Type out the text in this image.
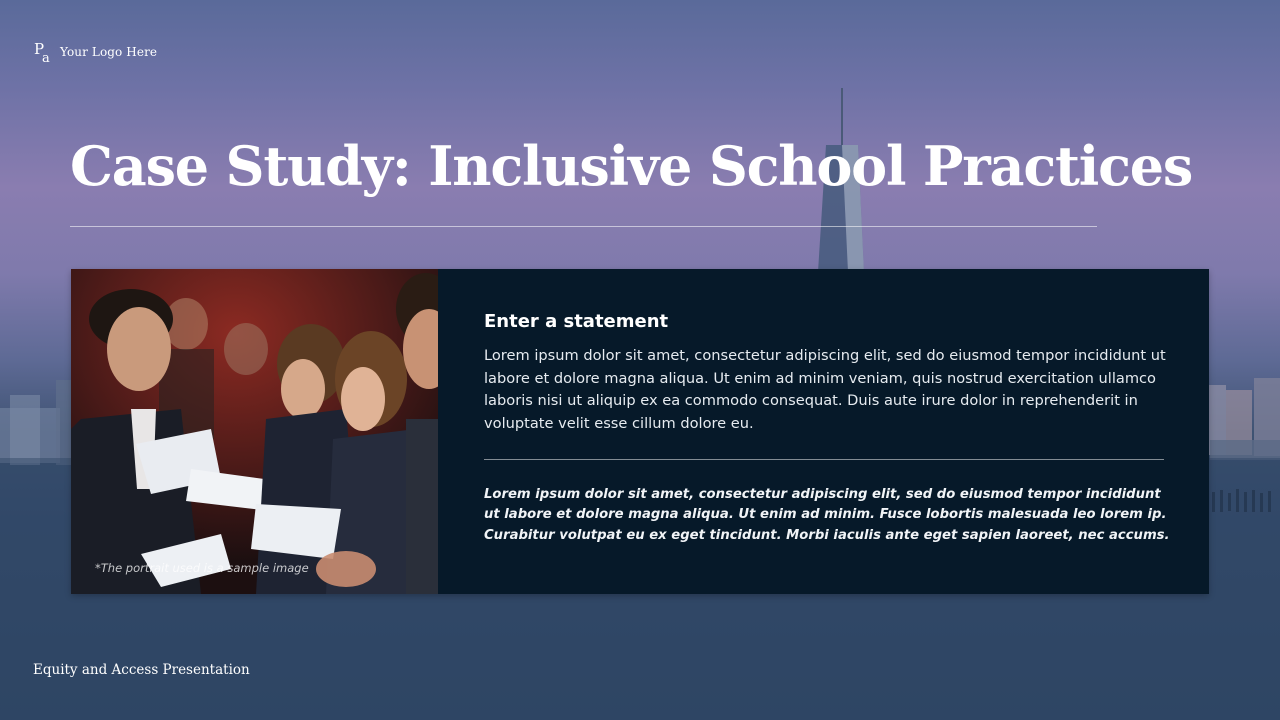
P
a Your Logo Here
Case Study: Inclusive School Practices
*The portrait used is a sample image
Enter a statement

Lorem ipsum dolor sit amet, consectetur adipiscing elit, sed do eiusmod tempor incididunt ut labore et dolore magna aliqua. Ut enim ad minim veniam, quis nostrud exercitation ullamco laboris nisi ut aliquip ex ea commodo consequat. Duis aute irure dolor in reprehenderit in voluptate velit esse cillum dolore eu.

Lorem ipsum dolor sit amet, consectetur adipiscing elit, sed do eiusmod tempor incididunt ut labore et dolore magna aliqua. Ut enim ad minim. Fusce lobortis malesuada leo lorem ip. Curabitur volutpat eu ex eget tincidunt. Morbi iaculis ante eget sapien laoreet, nec accums.

Equity and Access Presentation
